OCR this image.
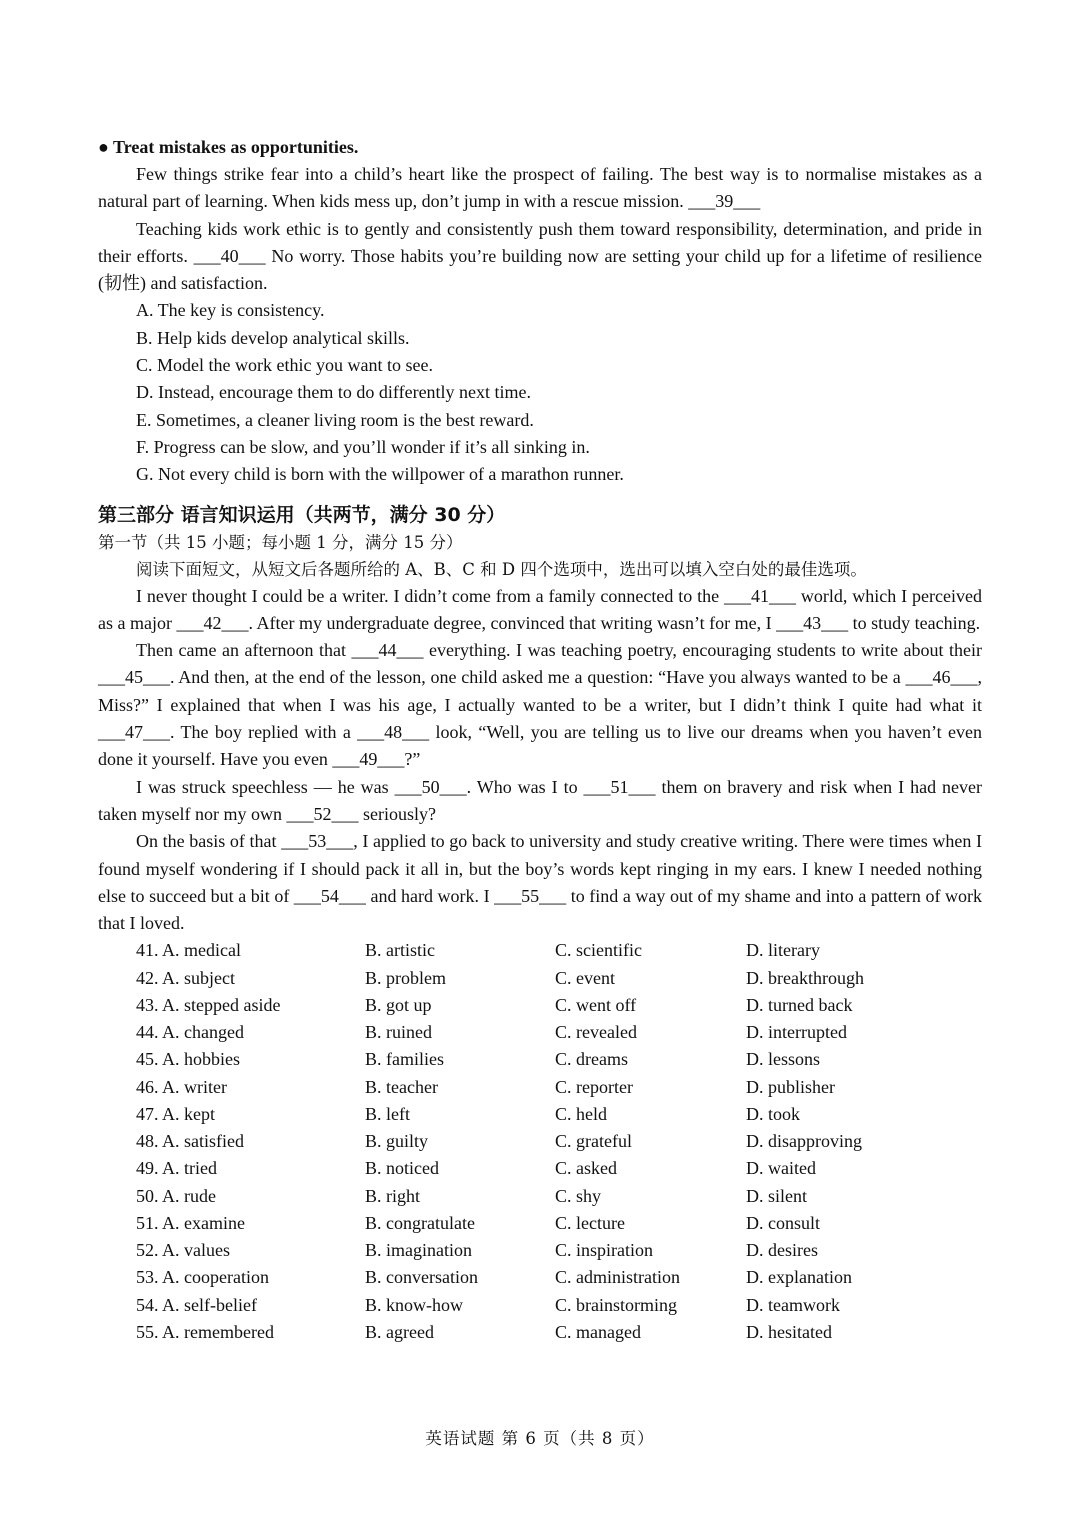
● Treat mistakes as opportunities.

Few things strike fear into a child’s heart like the prospect of failing. The best way is to normalise mistakes as a natural part of learning. When kids mess up, don’t jump in with a rescue mission. ___39___

Teaching kids work ethic is to gently and consistently push them toward responsibility, determination, and pride in their efforts. ___40___ No worry. Those habits you’re building now are setting your child up for a lifetime of resilience (韧性) and satisfaction.

A. The key is consistency.

B. Help kids develop analytical skills.

C. Model the work ethic you want to see.

D. Instead, encourage them to do differently next time.

E. Sometimes, a cleaner living room is the best reward.

F. Progress can be slow, and you’ll wonder if it’s all sinking in.

G. Not every child is born with the willpower of a marathon runner.

第三部分 语言知识运用（共两节，满分 30 分）

第一节（共 15 小题；每小题 1 分，满分 15 分）

阅读下面短文，从短文后各题所给的 A、B、C 和 D 四个选项中，选出可以填入空白处的最佳选项。

I never thought I could be a writer. I didn’t come from a family connected to the ___41___ world, which I perceived as a major ___42___. After my undergraduate degree, convinced that writing wasn’t for me, I ___43___ to study teaching.

Then came an afternoon that ___44___ everything. I was teaching poetry, encouraging students to write about their ___45___. And then, at the end of the lesson, one child asked me a question: “Have you always wanted to be a ___46___, Miss?” I explained that when I was his age, I actually wanted to be a writer, but I didn’t think I quite had what it ___47___. The boy replied with a ___48___ look, “Well, you are telling us to live our dreams when you haven’t even done it yourself. Have you even ___49___?”

I was struck speechless — he was ___50___. Who was I to ___51___ them on bravery and risk when I had never taken myself nor my own ___52___ seriously?

On the basis of that ___53___, I applied to go back to university and study creative writing. There were times when I found myself wondering if I should pack it all in, but the boy’s words kept ringing in my ears. I knew I needed nothing else to succeed but a bit of ___54___ and hard work. I ___55___ to find a way out of my shame and into a pattern of work that I loved.

41. A. medical	B. artistic	C. scientific	D. literary
42. A. subject	B. problem	C. event	D. breakthrough
43. A. stepped aside	B. got up	C. went off	D. turned back
44. A. changed	B. ruined	C. revealed	D. interrupted
45. A. hobbies	B. families	C. dreams	D. lessons
46. A. writer	B. teacher	C. reporter	D. publisher
47. A. kept	B. left	C. held	D. took
48. A. satisfied	B. guilty	C. grateful	D. disapproving
49. A. tried	B. noticed	C. asked	D. waited
50. A. rude	B. right	C. shy	D. silent
51. A. examine	B. congratulate	C. lecture	D. consult
52. A. values	B. imagination	C. inspiration	D. desires
53. A. cooperation	B. conversation	C. administration	D. explanation
54. A. self-belief	B. know-how	C. brainstorming	D. teamwork
55. A. remembered	B. agreed	C. managed	D. hesitated
英语试题 第 6 页（共 8 页）
